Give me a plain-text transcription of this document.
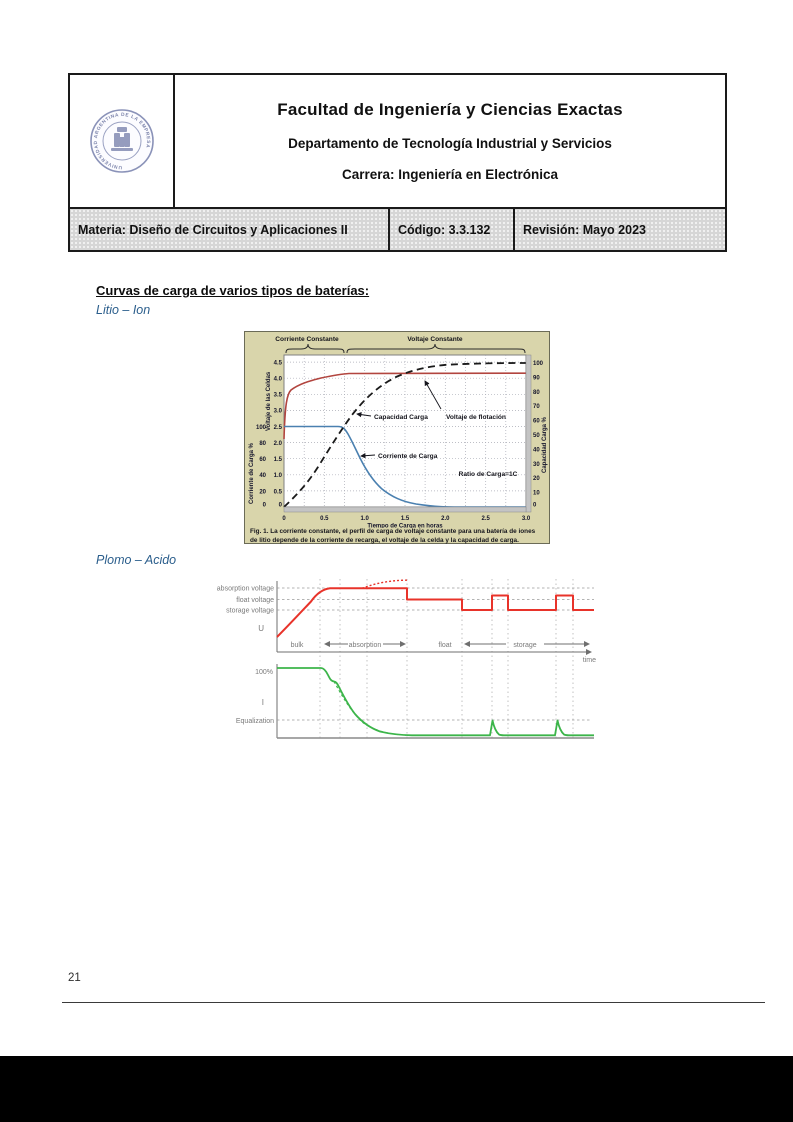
UNIVERSIDAD ARGENTINA DE LA EMPRESA
Facultad de Ingeniería y Ciencias Exactas
Departamento de Tecnología Industrial y Servicios
Carrera: Ingeniería en Electrónica
Materia: Diseño de Circuitos y Aplicaciones II	Código: 3.3.132	Revisión: Mayo 2023
Curvas de carga de varios tipos de baterías:
Litio – Ion
Plomo – Acido
Corriente Constante	Voltaje Constante
Capacidad Carga	Voltaje de flotación
Corriente de Carga
Ratio de Carga=1C
0	0.5	1.0	1.5	2.0	2.5	3.0
Tiempo de Carga en horas
4.5
4.0
3.5
3.0
2.5
2.0
1.5
1.0
0.5
0
100
80
60
40
20
0
100
90
80
70
60
50
40
30
20
10
0
Corriente de Carga %
Voltaje de las Celdas
Capacidad Carga %
Fig. 1. La corriente constante, el perfil de carga de voltaje constante para una batería de iones de litio depende de la corriente de recarga, el voltaje de la celda y la capacidad de carga.
absorption voltage
float voltage
storage voltage
U
bulk	absorption	float	storage
time
100%
I
Equalization
21
